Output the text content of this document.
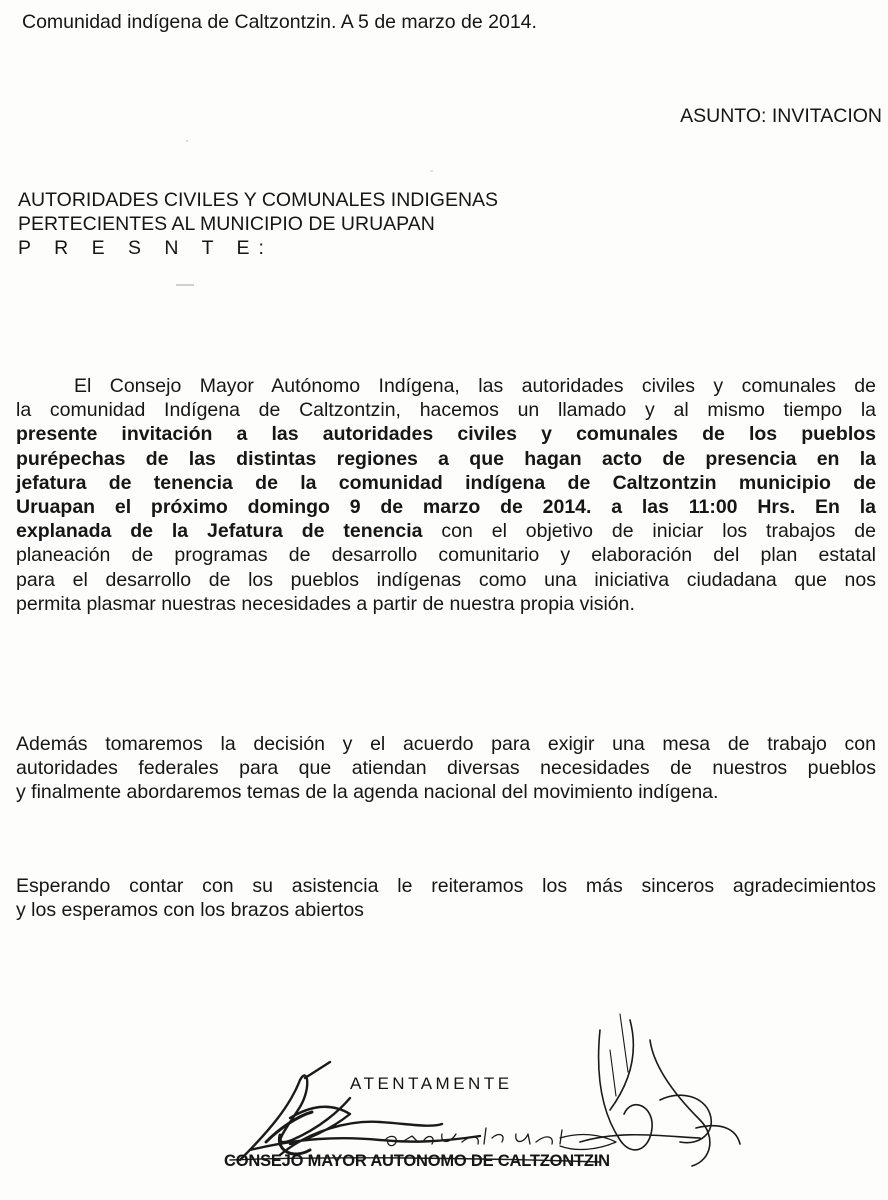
Comunidad indígena de Caltzontzin. A 5 de marzo de 2014.
ASUNTO: INVITACION
AUTORIDADES CIVILES Y COMUNALES INDIGENAS
PERTECIENTES AL MUNICIPIO DE URUAPAN
P R E S N T E:
El Consejo Mayor Autónomo Indígena, las autoridades civiles y comunales de
la comunidad Indígena de Caltzontzin, hacemos un llamado y al mismo tiempo la
presente invitación a las autoridades civiles y comunales de los pueblos
purépechas de las distintas regiones a que hagan acto de presencia en la
jefatura de tenencia de la comunidad indígena de Caltzontzin municipio de
Uruapan el próximo domingo 9 de marzo de 2014. a las 11:00 Hrs. En la
explanada de la Jefatura de tenencia con el objetivo de iniciar los trabajos de
planeación de programas de desarrollo comunitario y elaboración del plan estatal
para el desarrollo de los pueblos indígenas como una iniciativa ciudadana que nos
permita plasmar nuestras necesidades a partir de nuestra propia visión.
Además tomaremos la decisión y el acuerdo para exigir una mesa de trabajo con
autoridades federales para que atiendan diversas necesidades de nuestros pueblos
y finalmente abordaremos temas de la agenda nacional del movimiento indígena.
Esperando contar con su asistencia le reiteramos los más sinceros agradecimientos
y los esperamos con los brazos abiertos
ATENTAMENTE
CONSEJO MAYOR AUTONOMO DE CALTZONTZIN
